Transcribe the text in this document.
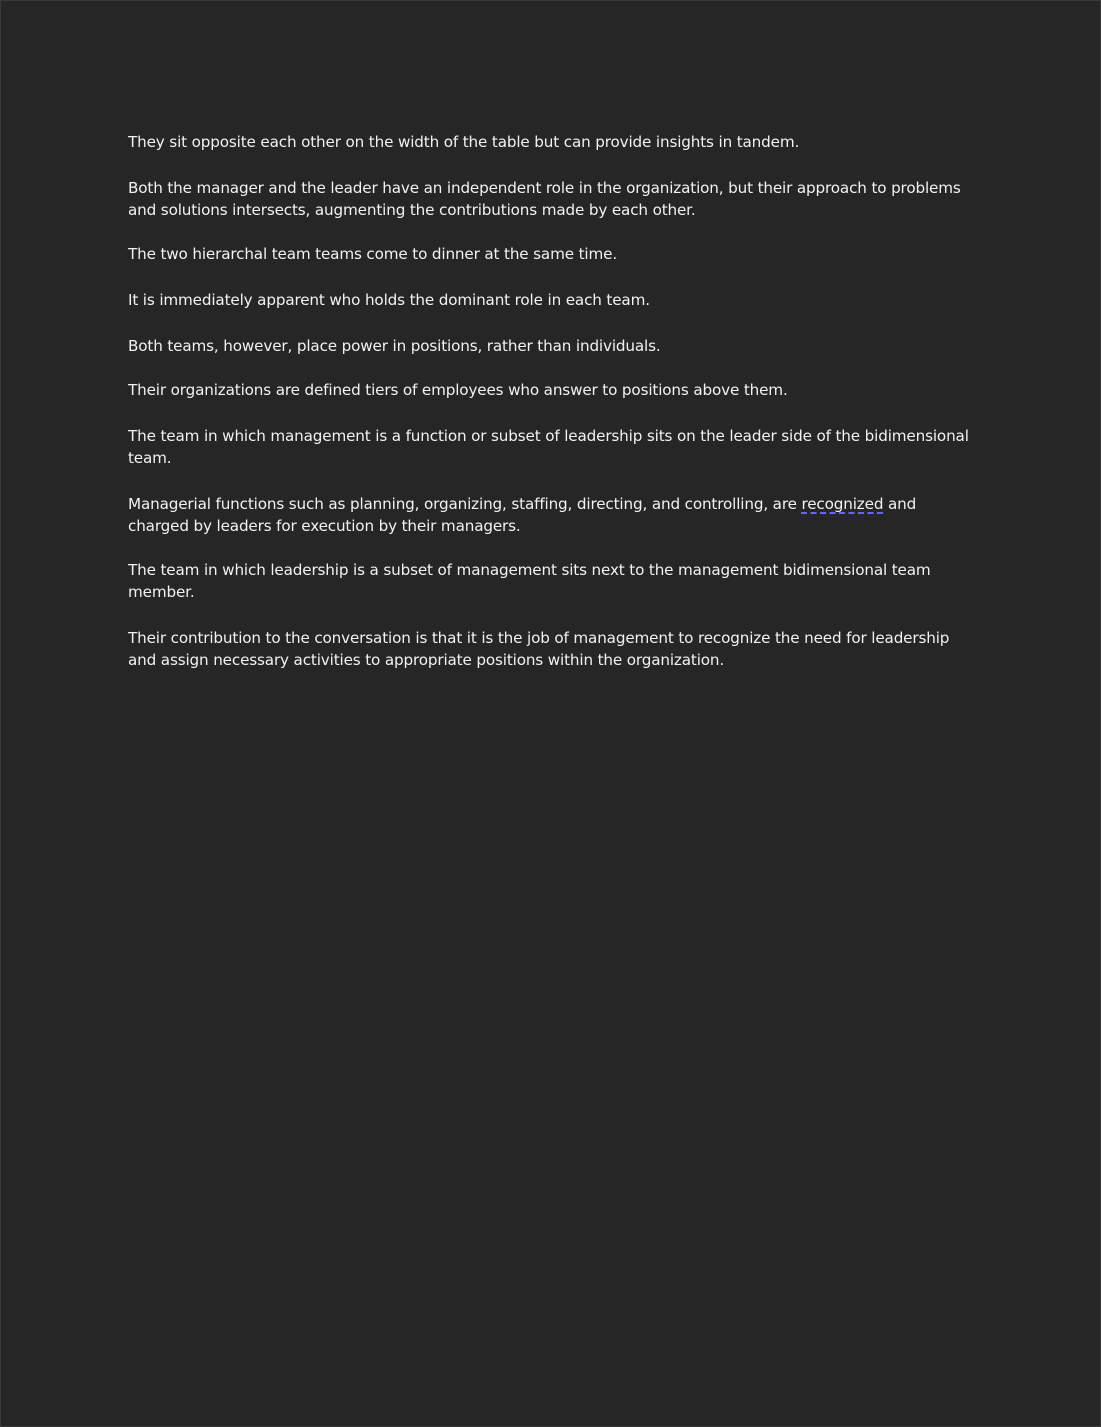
They sit opposite each other on the width of the table but can provide insights in tandem.

Both the manager and the leader have an independent role in the organization, but their approach to problems and solutions intersects, augmenting the contributions made by each other.

The two hierarchal team teams come to dinner at the same time.

It is immediately apparent who holds the dominant role in each team.

Both teams, however, place power in positions, rather than individuals.

Their organizations are defined tiers of employees who answer to positions above them.

The team in which management is a function or subset of leadership sits on the leader side of the bidimensional team.

Managerial functions such as planning, organizing, staffing, directing, and controlling, are recognized and charged by leaders for execution by their managers.

The team in which leadership is a subset of management sits next to the management bidimensional team member.

Their contribution to the conversation is that it is the job of management to recognize the need for leadership and assign necessary activities to appropriate positions within the organization.
